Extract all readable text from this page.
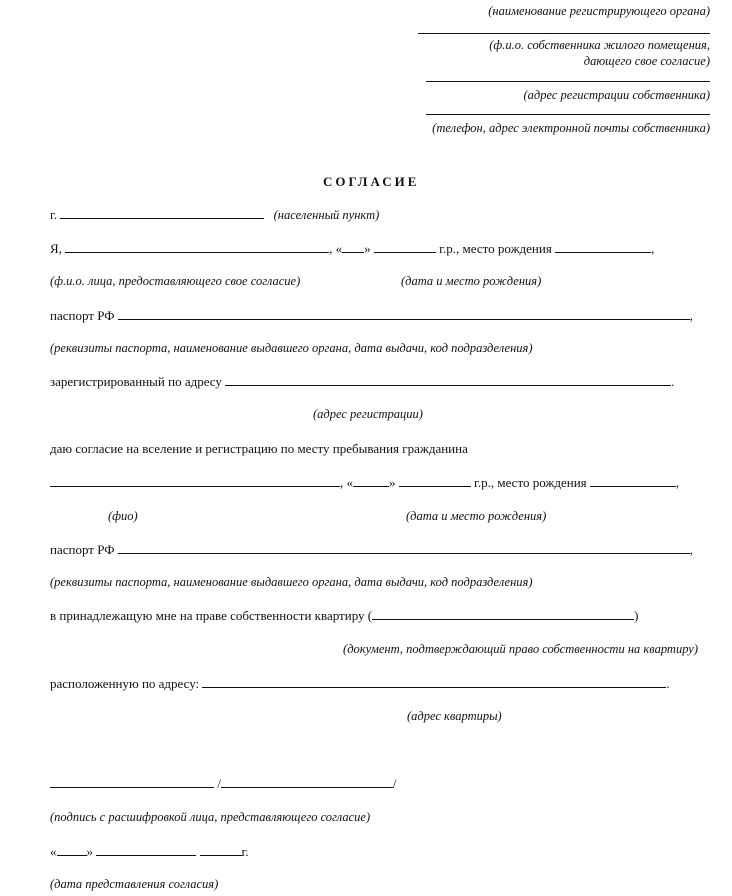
(наименование регистрирующего органа)
(ф.и.о. собственника жилого помещения,
дающего свое согласие)
(адрес регистрации собственника)
(телефон, адрес электронной почты собственника)
СОГЛАСИЕ
г.	(населенный пункт)
Я,	, « »	г.р., место рождения	,
(ф.и.о. лица, предоставляющего свое согласие)	(дата и место рождения)
паспорт РФ	,
(реквизиты паспорта, наименование выдавшего органа, дата выдачи, код подразделения)
зарегистрированный по адресу	.
(адрес регистрации)
даю согласие на вселение и регистрацию по месту пребывания гражданина
, «	»	г.р., место рождения	,
(фио)	(дата и место рождения)
паспорт РФ	,
(реквизиты паспорта, наименование выдавшего органа, дата выдачи, код подразделения)
в принадлежащую мне на праве собственности квартиру (	)
(документ, подтверждающий право собственности на квартиру)
расположенную по адресу:	.
(адрес квартиры)
/	/
(подпись с расшифровкой лица, представляющего согласие)
« »	г.
(дата представления согласия)
